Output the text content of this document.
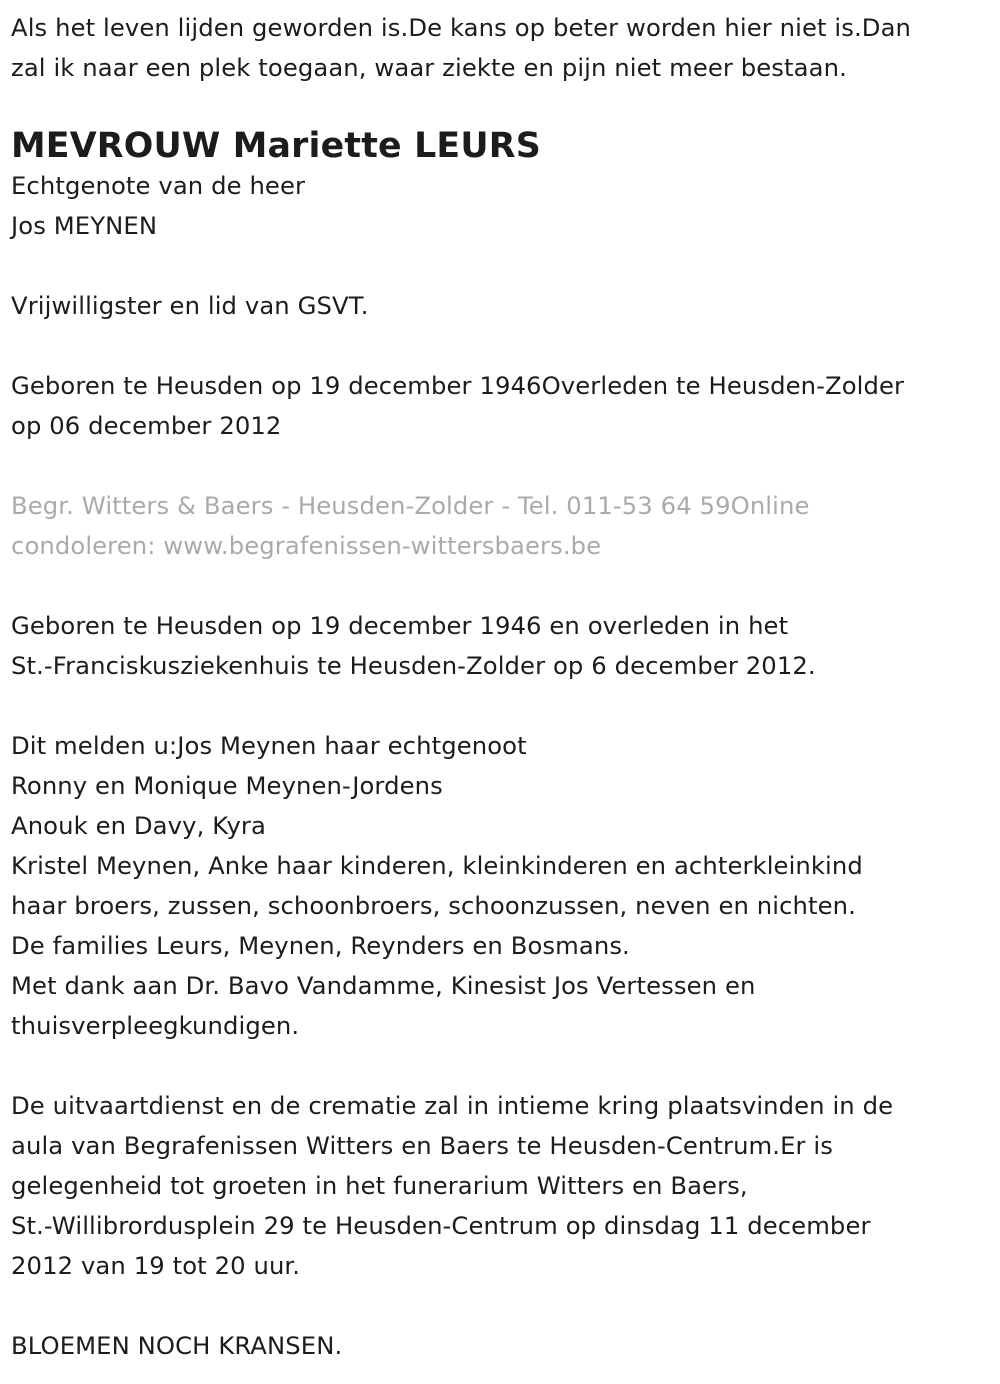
Als het leven lijden geworden is.De kans op beter worden hier niet is.Dan
zal ik naar een plek toegaan, waar ziekte en pijn niet meer bestaan.
MEVROUW Mariette LEURS
Echtgenote van de heer
Jos MEYNEN
Vrijwilligster en lid van GSVT.
Geboren te Heusden op 19 december 1946Overleden te Heusden-Zolder
op 06 december 2012
Begr. Witters & Baers - Heusden-Zolder - Tel. 011-53 64 59Online
condoleren: www.begrafenissen-wittersbaers.be
Geboren te Heusden op 19 december 1946 en overleden in het
St.-Franciskusziekenhuis te Heusden-Zolder op 6 december 2012.
Dit melden u:Jos Meynen haar echtgenoot
Ronny en Monique Meynen-Jordens
Anouk en Davy, Kyra
Kristel Meynen, Anke haar kinderen, kleinkinderen en achterkleinkind
haar broers, zussen, schoonbroers, schoonzussen, neven en nichten.
De families Leurs, Meynen, Reynders en Bosmans.
Met dank aan Dr. Bavo Vandamme, Kinesist Jos Vertessen en
thuisverpleegkundigen.
De uitvaartdienst en de crematie zal in intieme kring plaatsvinden in de
aula van Begrafenissen Witters en Baers te Heusden-Centrum.Er is
gelegenheid tot groeten in het funerarium Witters en Baers,
St.-Willibrordusplein 29 te Heusden-Centrum op dinsdag 11 december
2012 van 19 tot 20 uur.
BLOEMEN NOCH KRANSEN.
